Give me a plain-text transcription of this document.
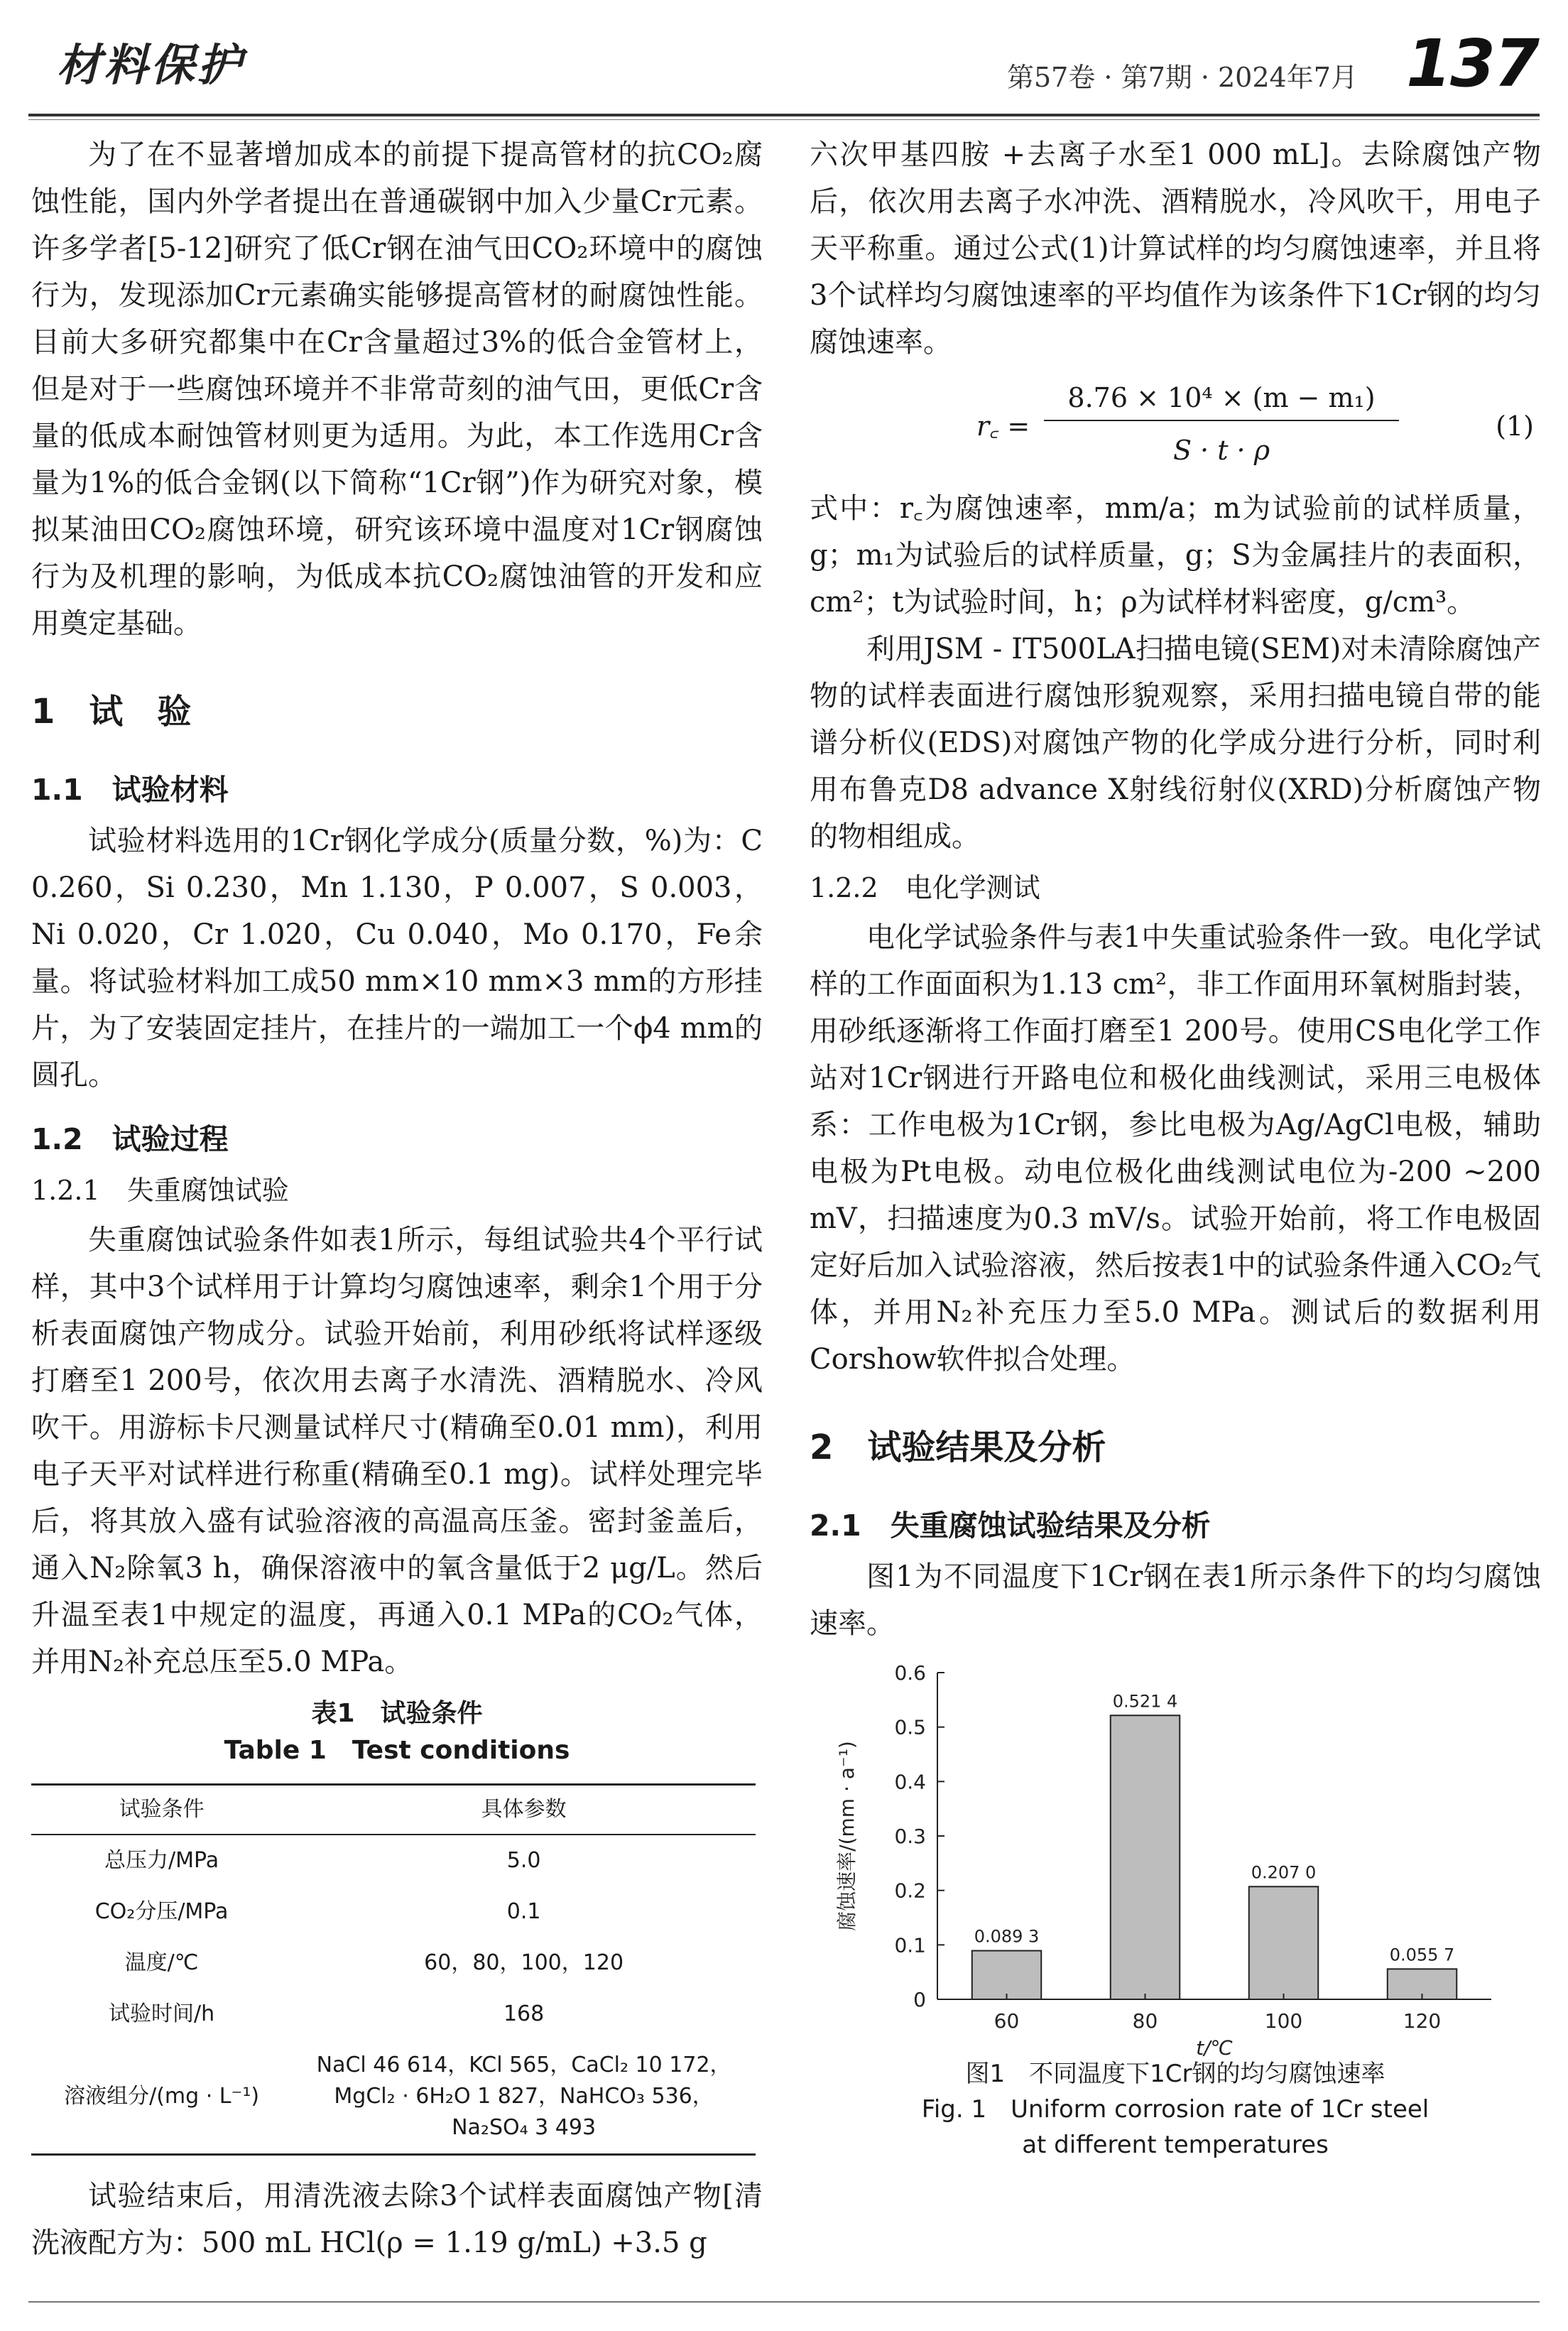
材料保护	第57卷 · 第7期 · 2024年7月 137

为了在不显著增加成本的前提下提高管材的抗CO₂腐蚀性能，国内外学者提出在普通碳钢中加入少量Cr元素。许多学者[5-12]研究了低Cr钢在油气田CO₂环境中的腐蚀行为，发现添加Cr元素确实能够提高管材的耐腐蚀性能。目前大多研究都集中在Cr含量超过3%的低合金管材上，但是对于一些腐蚀环境并不非常苛刻的油气田，更低Cr含量的低成本耐蚀管材则更为适用。为此，本工作选用Cr含量为1%的低合金钢(以下简称“1Cr钢”)作为研究对象，模拟某油田CO₂腐蚀环境，研究该环境中温度对1Cr钢腐蚀行为及机理的影响，为低成本抗CO₂腐蚀油管的开发和应用奠定基础。

1　试　验
1.1　试验材料

试验材料选用的1Cr钢化学成分(质量分数，%)为：C 0.260，Si 0.230，Mn 1.130，P 0.007，S 0.003，Ni 0.020，Cr 1.020，Cu 0.040，Mo 0.170，Fe余量。将试验材料加工成50 mm×10 mm×3 mm的方形挂片，为了安装固定挂片，在挂片的一端加工一个ϕ4 mm的圆孔。

1.2　试验过程
1.2.1　失重腐蚀试验

失重腐蚀试验条件如表1所示，每组试验共4个平行试样，其中3个试样用于计算均匀腐蚀速率，剩余1个用于分析表面腐蚀产物成分。试验开始前，利用砂纸将试样逐级打磨至1 200号，依次用去离子水清洗、酒精脱水、冷风吹干。用游标卡尺测量试样尺寸(精确至0.01 mm)，利用电子天平对试样进行称重(精确至0.1 mg)。试样处理完毕后，将其放入盛有试验溶液的高温高压釜。密封釜盖后，通入N₂除氧3 h，确保溶液中的氧含量低于2 μg/L。然后升温至表1中规定的温度，再通入0.1 MPa的CO₂气体，并用N₂补充总压至5.0 MPa。

表1　试验条件
Table 1　Test conditions
试验条件	具体参数
总压力/MPa	5.0
CO₂分压/MPa	0.1
温度/℃	60，80，100，120
试验时间/h	168
溶液组分/(mg · L⁻¹)	NaCl 46 614，KCl 565，CaCl₂ 10 172，MgCl₂ · 6H₂O 1 827，NaHCO₃ 536，Na₂SO₄ 3 493

试验结束后，用清洗液去除3个试样表面腐蚀产物[清洗液配方为：500 mL HCl(ρ = 1.19 g/mL) +3.5 g

六次甲基四胺 +去离子水至1 000 mL]。去除腐蚀产物后，依次用去离子水冲洗、酒精脱水，冷风吹干，用电子天平称重。通过公式(1)计算试样的均匀腐蚀速率，并且将3个试样均匀腐蚀速率的平均值作为该条件下1Cr钢的均匀腐蚀速率。

r꜀ =
8.76 × 10⁴ × (m − m₁)
S · t · ρ
(1)

式中：r꜀为腐蚀速率，mm/a；m为试验前的试样质量，g；m₁为试验后的试样质量，g；S为金属挂片的表面积，cm²；t为试验时间，h；ρ为试样材料密度，g/cm³。

利用JSM - IT500LA扫描电镜(SEM)对未清除腐蚀产物的试样表面进行腐蚀形貌观察，采用扫描电镜自带的能谱分析仪(EDS)对腐蚀产物的化学成分进行分析，同时利用布鲁克D8 advance X射线衍射仪(XRD)分析腐蚀产物的物相组成。

1.2.2　电化学测试

电化学试验条件与表1中失重试验条件一致。电化学试样的工作面面积为1.13 cm²，非工作面用环氧树脂封装，用砂纸逐渐将工作面打磨至1 200号。使用CS电化学工作站对1Cr钢进行开路电位和极化曲线测试，采用三电极体系：工作电极为1Cr钢，参比电极为Ag/AgCl电极，辅助电极为Pt电极。动电位极化曲线测试电位为-200 ~200 mV，扫描速度为0.3 mV/s。试验开始前，将工作电极固定好后加入试验溶液，然后按表1中的试验条件通入CO₂气体，并用N₂补充压力至5.0 MPa。测试后的数据利用Corshow软件拟合处理。

2　试验结果及分析
2.1　失重腐蚀试验结果及分析

图1为不同温度下1Cr钢在表1所示条件下的均匀腐蚀速率。

0
0.1
0.2
0.3
0.4
0.5
0.6
腐蚀速率/(mm · a⁻¹)
0.089 3
60
0.521 4
80
0.207 0
100
0.055 7
120
t/℃
图1　不同温度下1Cr钢的均匀腐蚀速率
Fig. 1　Uniform corrosion rate of 1Cr steel
at different temperatures
